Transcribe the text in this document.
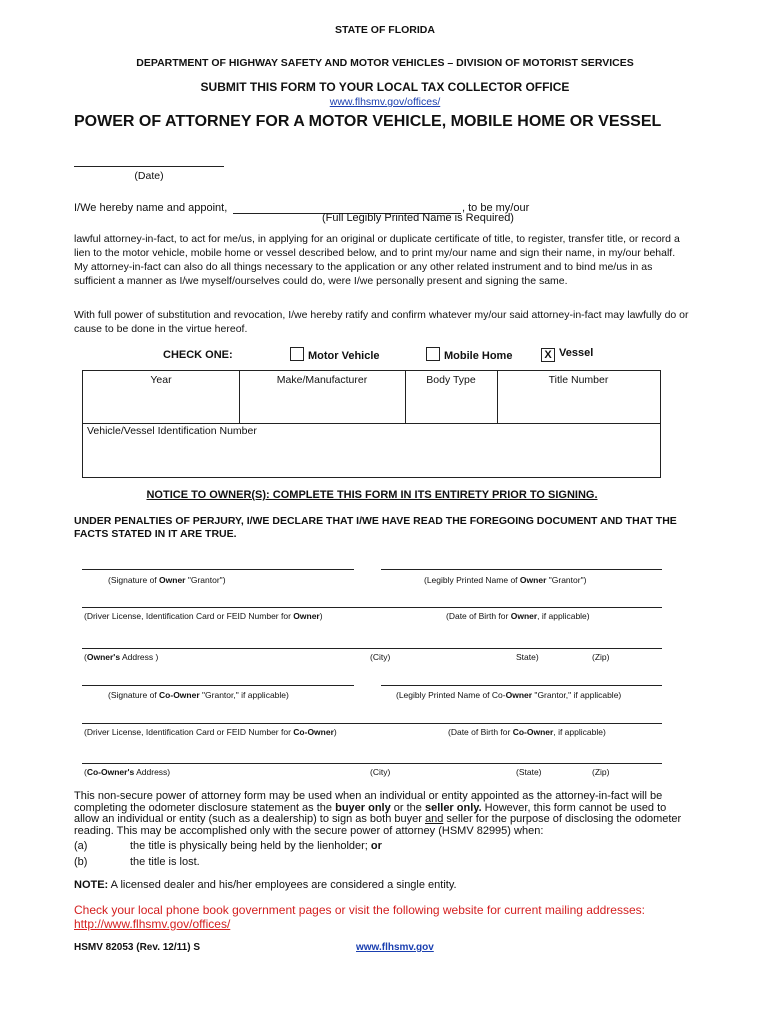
STATE OF FLORIDA
DEPARTMENT OF HIGHWAY SAFETY AND MOTOR VEHICLES – DIVISION OF MOTORIST SERVICES
SUBMIT THIS FORM TO YOUR LOCAL TAX COLLECTOR OFFICE
www.flhsmv.gov/offices/
POWER OF ATTORNEY FOR A MOTOR VEHICLE, MOBILE HOME OR VESSEL
(Date)
I/We hereby name and appoint,	, to be my/our
(Full Legibly Printed Name is Required)
lawful attorney-in-fact, to act for me/us, in applying for an original or duplicate certificate of title, to register, transfer title, or record a lien to the motor vehicle, mobile home or vessel described below, and to print my/our name and sign their name, in my/our behalf. My attorney-in-fact can also do all things necessary to the application or any other related instrument and to bind me/us in as sufficient a manner as I/we myself/ourselves could do, were I/we personally present and signing the same.
With full power of substitution and revocation, I/we hereby ratify and confirm whatever my/our said attorney-in-fact may lawfully do or cause to be done in the virtue hereof.
CHECK ONE:	Motor Vehicle	Mobile Home	X Vessel
Year	Make/Manufacturer	Body Type	Title Number
Vehicle/Vessel Identification Number
NOTICE TO OWNER(S): COMPLETE THIS FORM IN ITS ENTIRETY PRIOR TO SIGNING.
UNDER PENALTIES OF PERJURY, I/WE DECLARE THAT I/WE HAVE READ THE FOREGOING DOCUMENT AND THAT THE FACTS STATED IN IT ARE TRUE.
(Signature of Owner "Grantor")	(Legibly Printed Name of Owner "Grantor")
(Driver License, Identification Card or FEID Number for Owner)	(Date of Birth for Owner, if applicable)
(Owner's Address )	(City)	State)	(Zip)
(Signature of Co-Owner "Grantor," if applicable)	(Legibly Printed Name of Co-Owner "Grantor," if applicable)
(Driver License, Identification Card or FEID Number for Co-Owner)	(Date of Birth for Co-Owner, if applicable)
(Co-Owner's Address)	(City)	(State)	(Zip)
This non-secure power of attorney form may be used when an individual or entity appointed as the attorney-in-fact will be completing the odometer disclosure statement as the buyer only or the seller only. However, this form cannot be used to allow an individual or entity (such as a dealership) to sign as both buyer and seller for the purpose of disclosing the odometer reading. This may be accomplished only with the secure power of attorney (HSMV 82995) when:
(a)	the title is physically being held by the lienholder; or
(b)	the title is lost.
NOTE: A licensed dealer and his/her employees are considered a single entity.
Check your local phone book government pages or visit the following website for current mailing addresses:
http://www.flhsmv.gov/offices/
HSMV 82053 (Rev. 12/11) S	www.flhsmv.gov
